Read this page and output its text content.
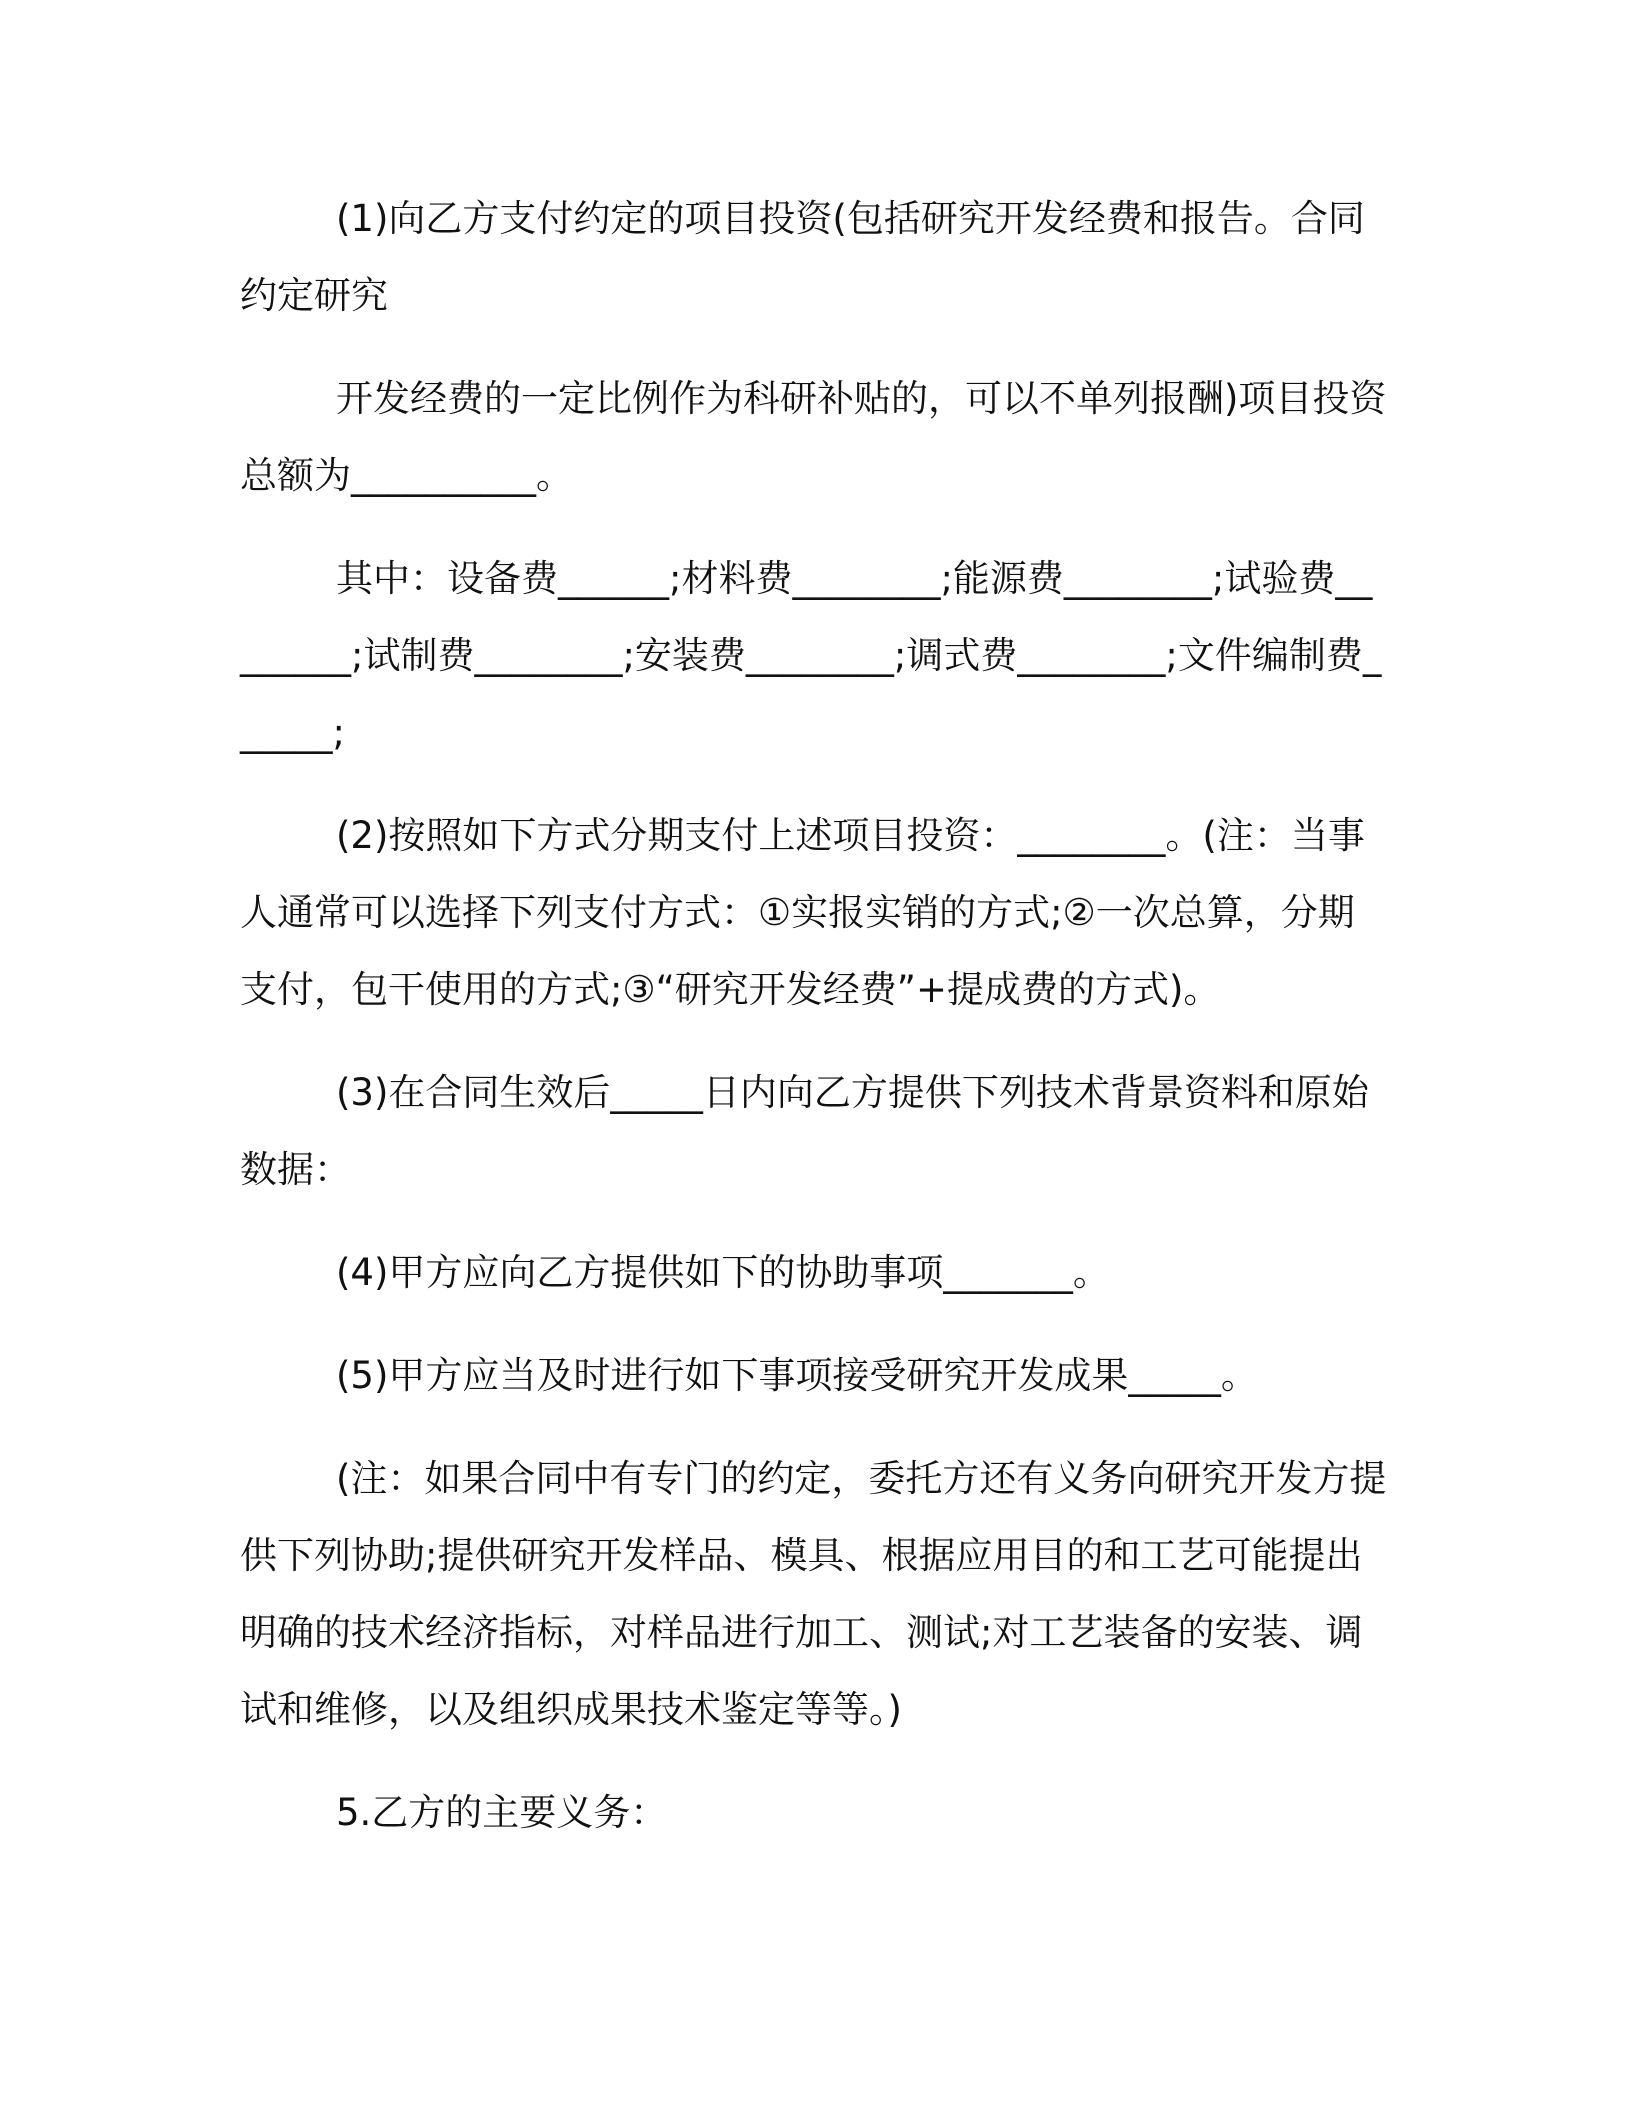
(1)向乙方支付约定的项目投资(包括研究开发经费和报告。合同约定研究

开发经费的一定比例作为科研补贴的，可以不单列报酬)项目投资总额为__________。

其中：设备费______;材料费________;能源费________;试验费________;试制费________;安装费________;调式费________;文件编制费______;

(2)按照如下方式分期支付上述项目投资：________。(注：当事人通常可以选择下列支付方式：①实报实销的方式;②一次总算，分期支付，包干使用的方式;③“研究开发经费”+提成费的方式)。

(3)在合同生效后_____日内向乙方提供下列技术背景资料和原始数据：

(4)甲方应向乙方提供如下的协助事项_______。

(5)甲方应当及时进行如下事项接受研究开发成果_____。

(注：如果合同中有专门的约定，委托方还有义务向研究开发方提供下列协助;提供研究开发样品、模具、根据应用目的和工艺可能提出明确的技术经济指标，对样品进行加工、测试;对工艺装备的安装、调试和维修，以及组织成果技术鉴定等等。)

5.乙方的主要义务：
